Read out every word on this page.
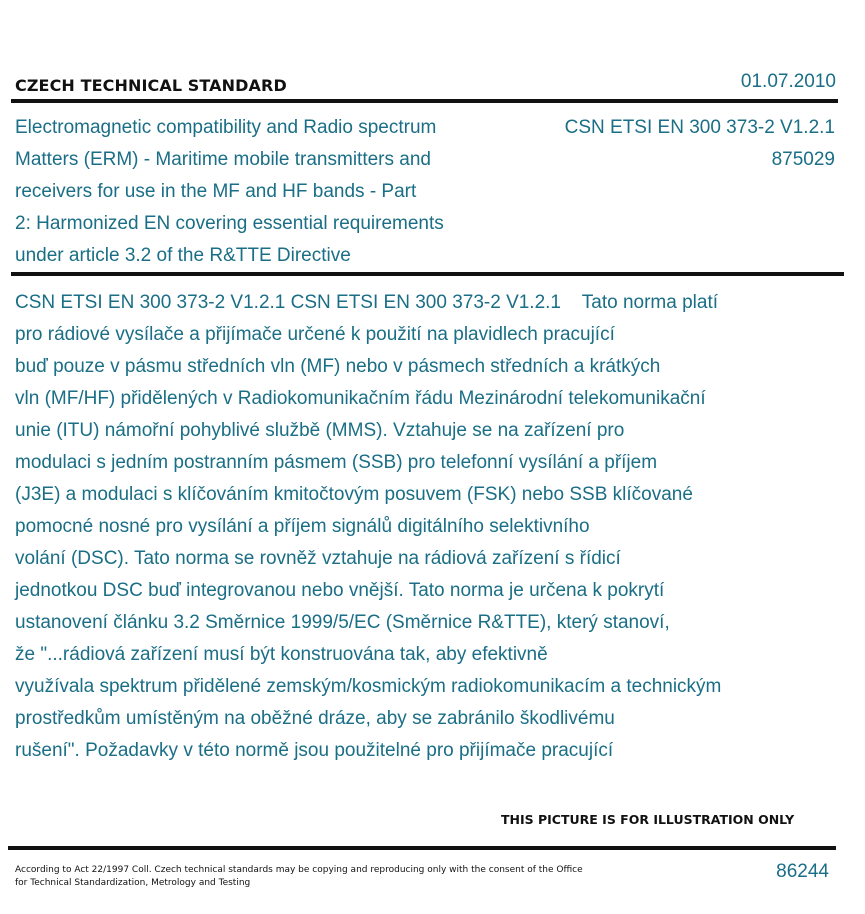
CZECH TECHNICAL STANDARD	01.07.2010
Electromagnetic compatibility and Radio spectrum
Matters (ERM) - Maritime mobile transmitters and
receivers for use in the MF and HF bands - Part
2: Harmonized EN covering essential requirements
under article 3.2 of the R&TTE Directive
CSN ETSI EN 300 373-2 V1.2.1
875029
CSN ETSI EN 300 373-2 V1.2.1 CSN ETSI EN 300 373-2 V1.2.1    Tato norma platí
pro rádiové vysílače a přijímače určené k použití na plavidlech pracující
buď pouze v pásmu středních vln (MF) nebo v pásmech středních a krátkých
vln (MF/HF) přidělených v Radiokomunikačním řádu Mezinárodní telekomunikační
unie (ITU) námořní pohyblivé službě (MMS). Vztahuje se na zařízení pro
modulaci s jedním postranním pásmem (SSB) pro telefonní vysílání a příjem
(J3E) a modulaci s klíčováním kmitočtovým posuvem (FSK) nebo SSB klíčované
pomocné nosné pro vysílání a příjem signálů digitálního selektivního
volání (DSC). Tato norma se rovněž vztahuje na rádiová zařízení s řídicí
jednotkou DSC buď integrovanou nebo vnější. Tato norma je určena k pokrytí
ustanovení článku 3.2 Směrnice 1999/5/EC (Směrnice R&TTE), který stanoví,
že "...rádiová zařízení musí být konstruována tak, aby efektivně
využívala spektrum přidělené zemským/kosmickým radiokomunikacím a technickým
prostředkům umístěným na oběžné dráze, aby se zabránilo škodlivému
rušení". Požadavky v této normě jsou použitelné pro přijímače pracující
THIS PICTURE IS FOR ILLUSTRATION ONLY
According to Act 22/1997 Coll. Czech technical standards may be copying and reproducing only with the consent of the Office
for Technical Standardization, Metrology and Testing
86244
